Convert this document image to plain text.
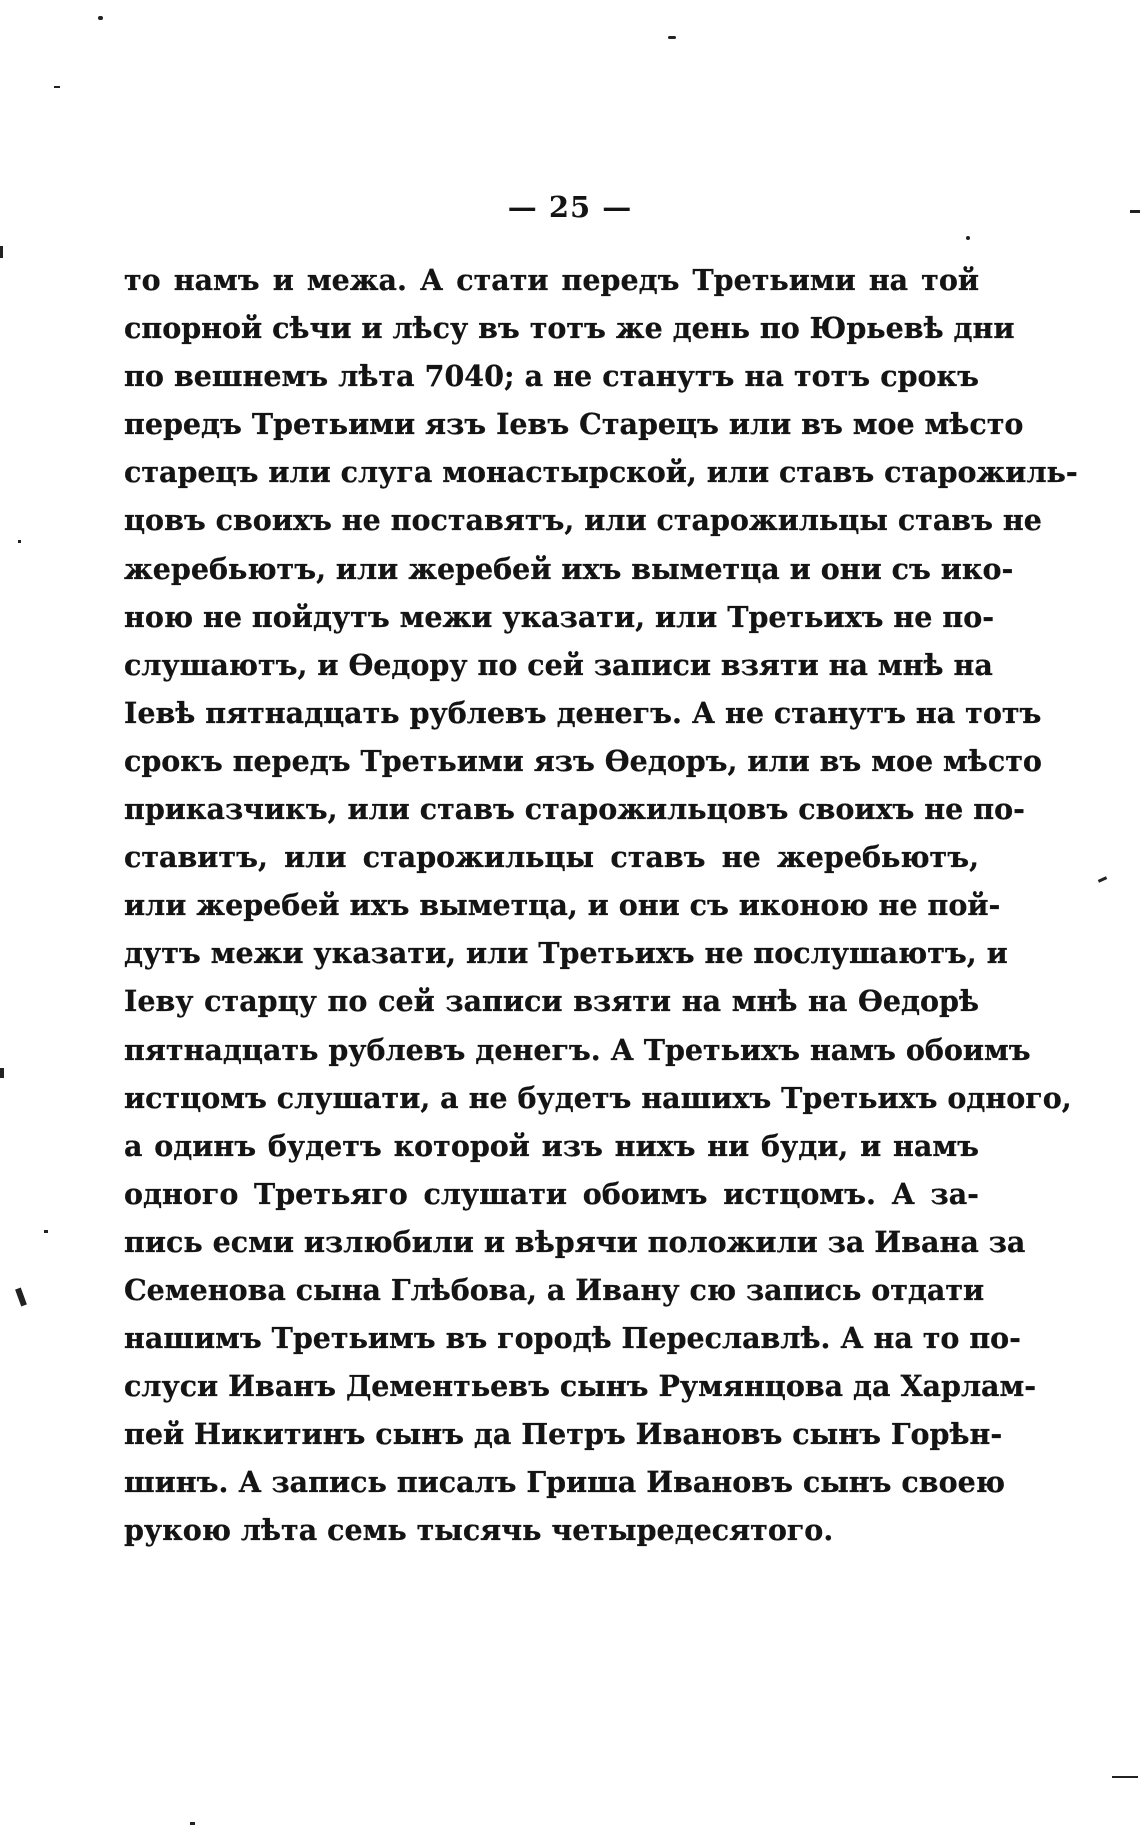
— 25 —
то намъ и межа. А стати передъ Третьими на той
спорной сѣчи и лѣсу въ тотъ же день по Юрьевѣ дни
по вешнемъ лѣта 7040; а не станутъ на тотъ срокъ
передъ Третьими язъ Іевъ Старецъ или въ мое мѣсто
старецъ или слуга монастырской, или ставъ старожиль-
цовъ своихъ не поставятъ, или старожильцы ставъ не
жеребьютъ, или жеребей ихъ выметца и они съ ико-
ною не пойдутъ межи указати, или Третьихъ не по-
слушаютъ, и Ѳедору по сей записи взяти на мнѣ на
Іевѣ пятнадцать рублевъ денегъ. А не станутъ на тотъ
срокъ передъ Третьими язъ Ѳедоръ, или въ мое мѣсто
приказчикъ, или ставъ старожильцовъ своихъ не по-
ставитъ, или старожильцы ставъ не жеребьютъ,
или жеребей ихъ выметца, и они съ иконою не пой-
дутъ межи указати, или Третьихъ не послушаютъ, и
Іеву старцу по сей записи взяти на мнѣ на Ѳедорѣ
пятнадцать рублевъ денегъ. А Третьихъ намъ обоимъ
истцомъ слушати, а не будетъ нашихъ Третьихъ одного,
а одинъ будетъ которой изъ нихъ ни буди, и намъ
одного Третьяго слушати обоимъ истцомъ. А за-
пись есми излюбили и вѣрячи положили за Ивана за
Семенова сына Глѣбова, а Ивану сю запись отдати
нашимъ Третьимъ въ городѣ Переславлѣ. А на то по-
слуси Иванъ Дементьевъ сынъ Румянцова да Харлам-
пей Никитинъ сынъ да Петръ Ивановъ сынъ Горѣн-
шинъ. А запись писалъ Гриша Ивановъ сынъ своею
рукою лѣта семь тысячь четыредесятого.
